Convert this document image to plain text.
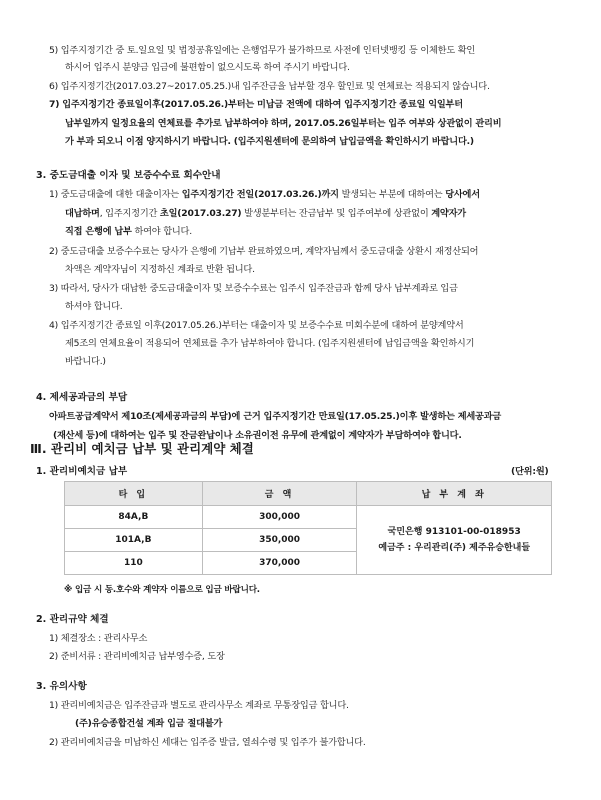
5) 입주지정기간 중 토.일요일 및 법정공휴일에는 은행업무가 불가하므로 사전에 인터넷뱅킹 등 이체한도 확인
하시어 입주시 분양금 입금에 불편함이 없으시도록 하여 주시기 바랍니다.
6) 입주지정기간(2017.03.27~2017.05.25.)내 입주잔금을 납부할 경우 할인료 및 연체료는 적용되지 않습니다.
7) 입주지정기간 종료일이후(2017.05.26.)부터는 미납금 전액에 대하여 입주지정기간 종료일 익일부터
납부일까지 일정요율의 연체료를 추가로 납부하여야 하며, 2017.05.26일부터는 입주 여부와 상관없이 관리비
가 부과 되오니 이점 양지하시기 바랍니다. (입주지원센터에 문의하여 납입금액을 확인하시기 바랍니다.)
3. 중도금대출 이자 및 보증수수료 회수안내
1) 중도금대출에 대한 대출이자는 입주지정기간 전일(2017.03.26.)까지 발생되는 부분에 대하여는 당사에서
대납하며, 입주지정기간 초일(2017.03.27) 발생분부터는 잔금납부 및 입주여부에 상관없이 계약자가
직접 은행에 납부 하여야 합니다.
2) 중도금대출 보증수수료는 당사가 은행에 기납부 완료하였으며, 계약자님께서 중도금대출 상환시 재정산되어
차액은 계약자님이 지정하신 계좌로 반환 됩니다.
3) 따라서, 당사가 대납한 중도금대출이자 및 보증수수료는 입주시 입주잔금과 함께 당사 납부계좌로 입금
하셔야 합니다.
4) 입주지정기간 종료일 이후(2017.05.26.)부터는 대출이자 및 보증수수료 미회수분에 대하여 분양계약서
제5조의 연체요율이 적용되어 연체료를 추가 납부하여야 합니다. (입주지원센터에 납입금액을 확인하시기
바랍니다.)
4. 제세공과금의 부담
아파트공급계약서 제10조(제세공과금의 부담)에 근거 입주지정기간 만료일(17.05.25.)이후 발생하는 제세공과금
(재산세 등)에 대하여는 입주 및 잔금완납이나 소유권이전 유무에 관계없이 계약자가 부담하여야 합니다.
Ⅲ. 관리비 예치금 납부 및 관리계약 체결
1. 관리비예치금 납부	(단위:원)
타 입	금 액	납 부 계 좌
84A,B	300,000	국민은행 913101-00-018953
예금주 : 우리관리(주) 제주유승한내들

101A,B	350,000	
110	370,000	
※ 입금 시 동.호수와 계약자 이름으로 입금 바랍니다.
2. 관리규약 체결
1) 체결장소 : 관리사무소
2) 준비서류 : 관리비예치금 납부영수증, 도장
3. 유의사항
1) 관리비예치금은 입주잔금과 별도로 관리사무소 계좌로 무통장입금 합니다.
(주)유승종합건설 계좌 입금 절대불가
2) 관리비예치금을 미납하신 세대는 입주증 발급, 열쇠수령 및 입주가 불가합니다.
